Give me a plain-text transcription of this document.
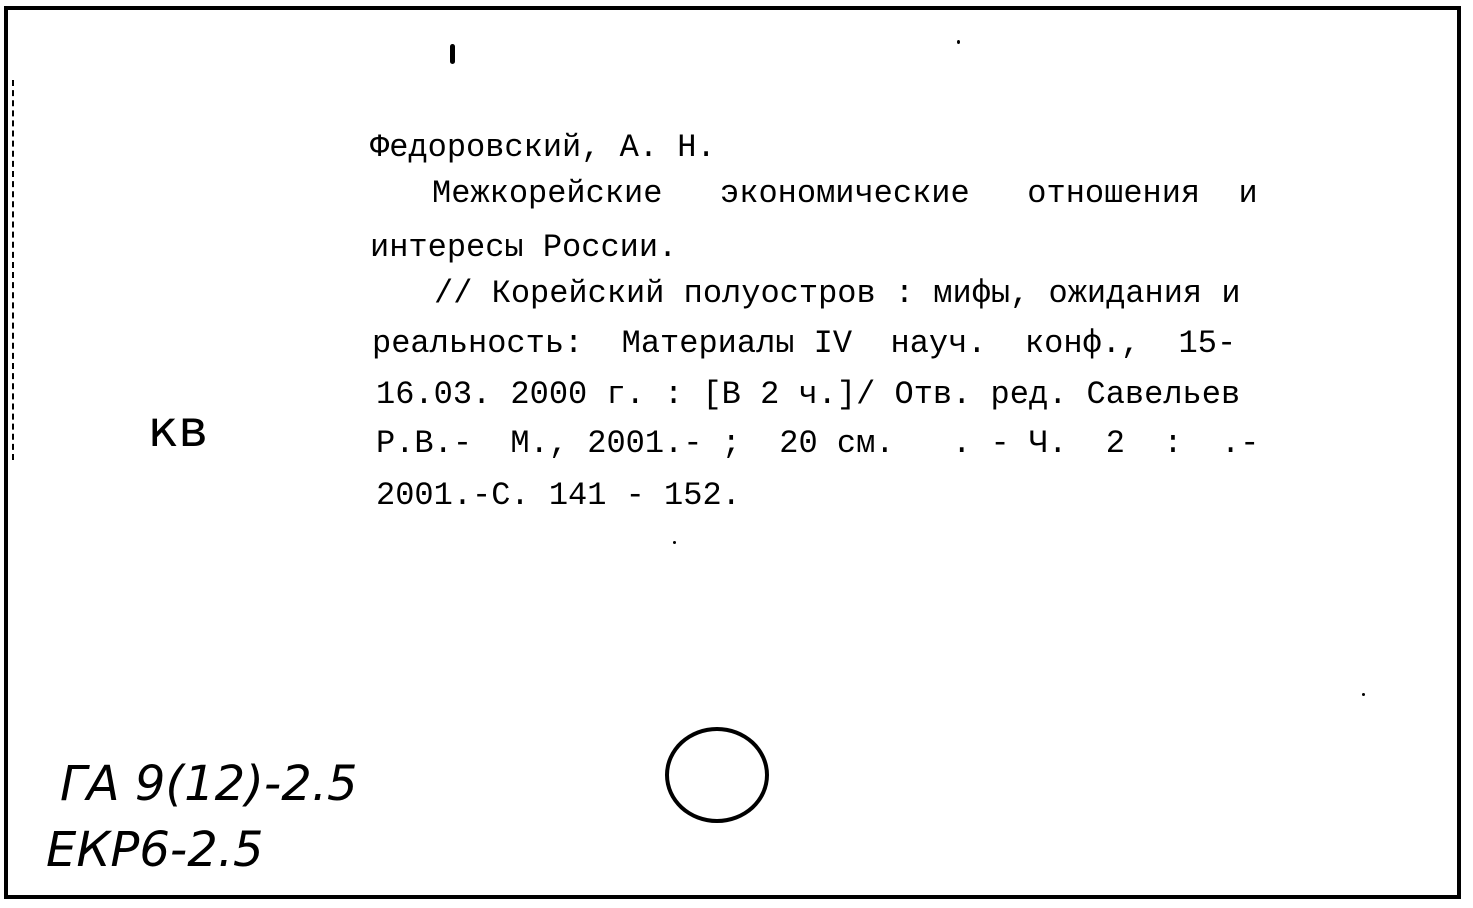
Федоровский, А. Н.
Межкорейские   экономические   отношения  и
интересы России.
// Корейский полуостров : мифы, ожидания и
реальность:  Материалы IV  науч.  конф.,  15-
16.03. 2000 г. : [В 2 ч.]/ Отв. ред. Савельев
Р.В.-  М., 2001.- ;  20 см.   . - Ч.  2  :  .-
2001.-С. 141 - 152.
кв
ГА 9(12)-2.5
ЕКР6-2.5
